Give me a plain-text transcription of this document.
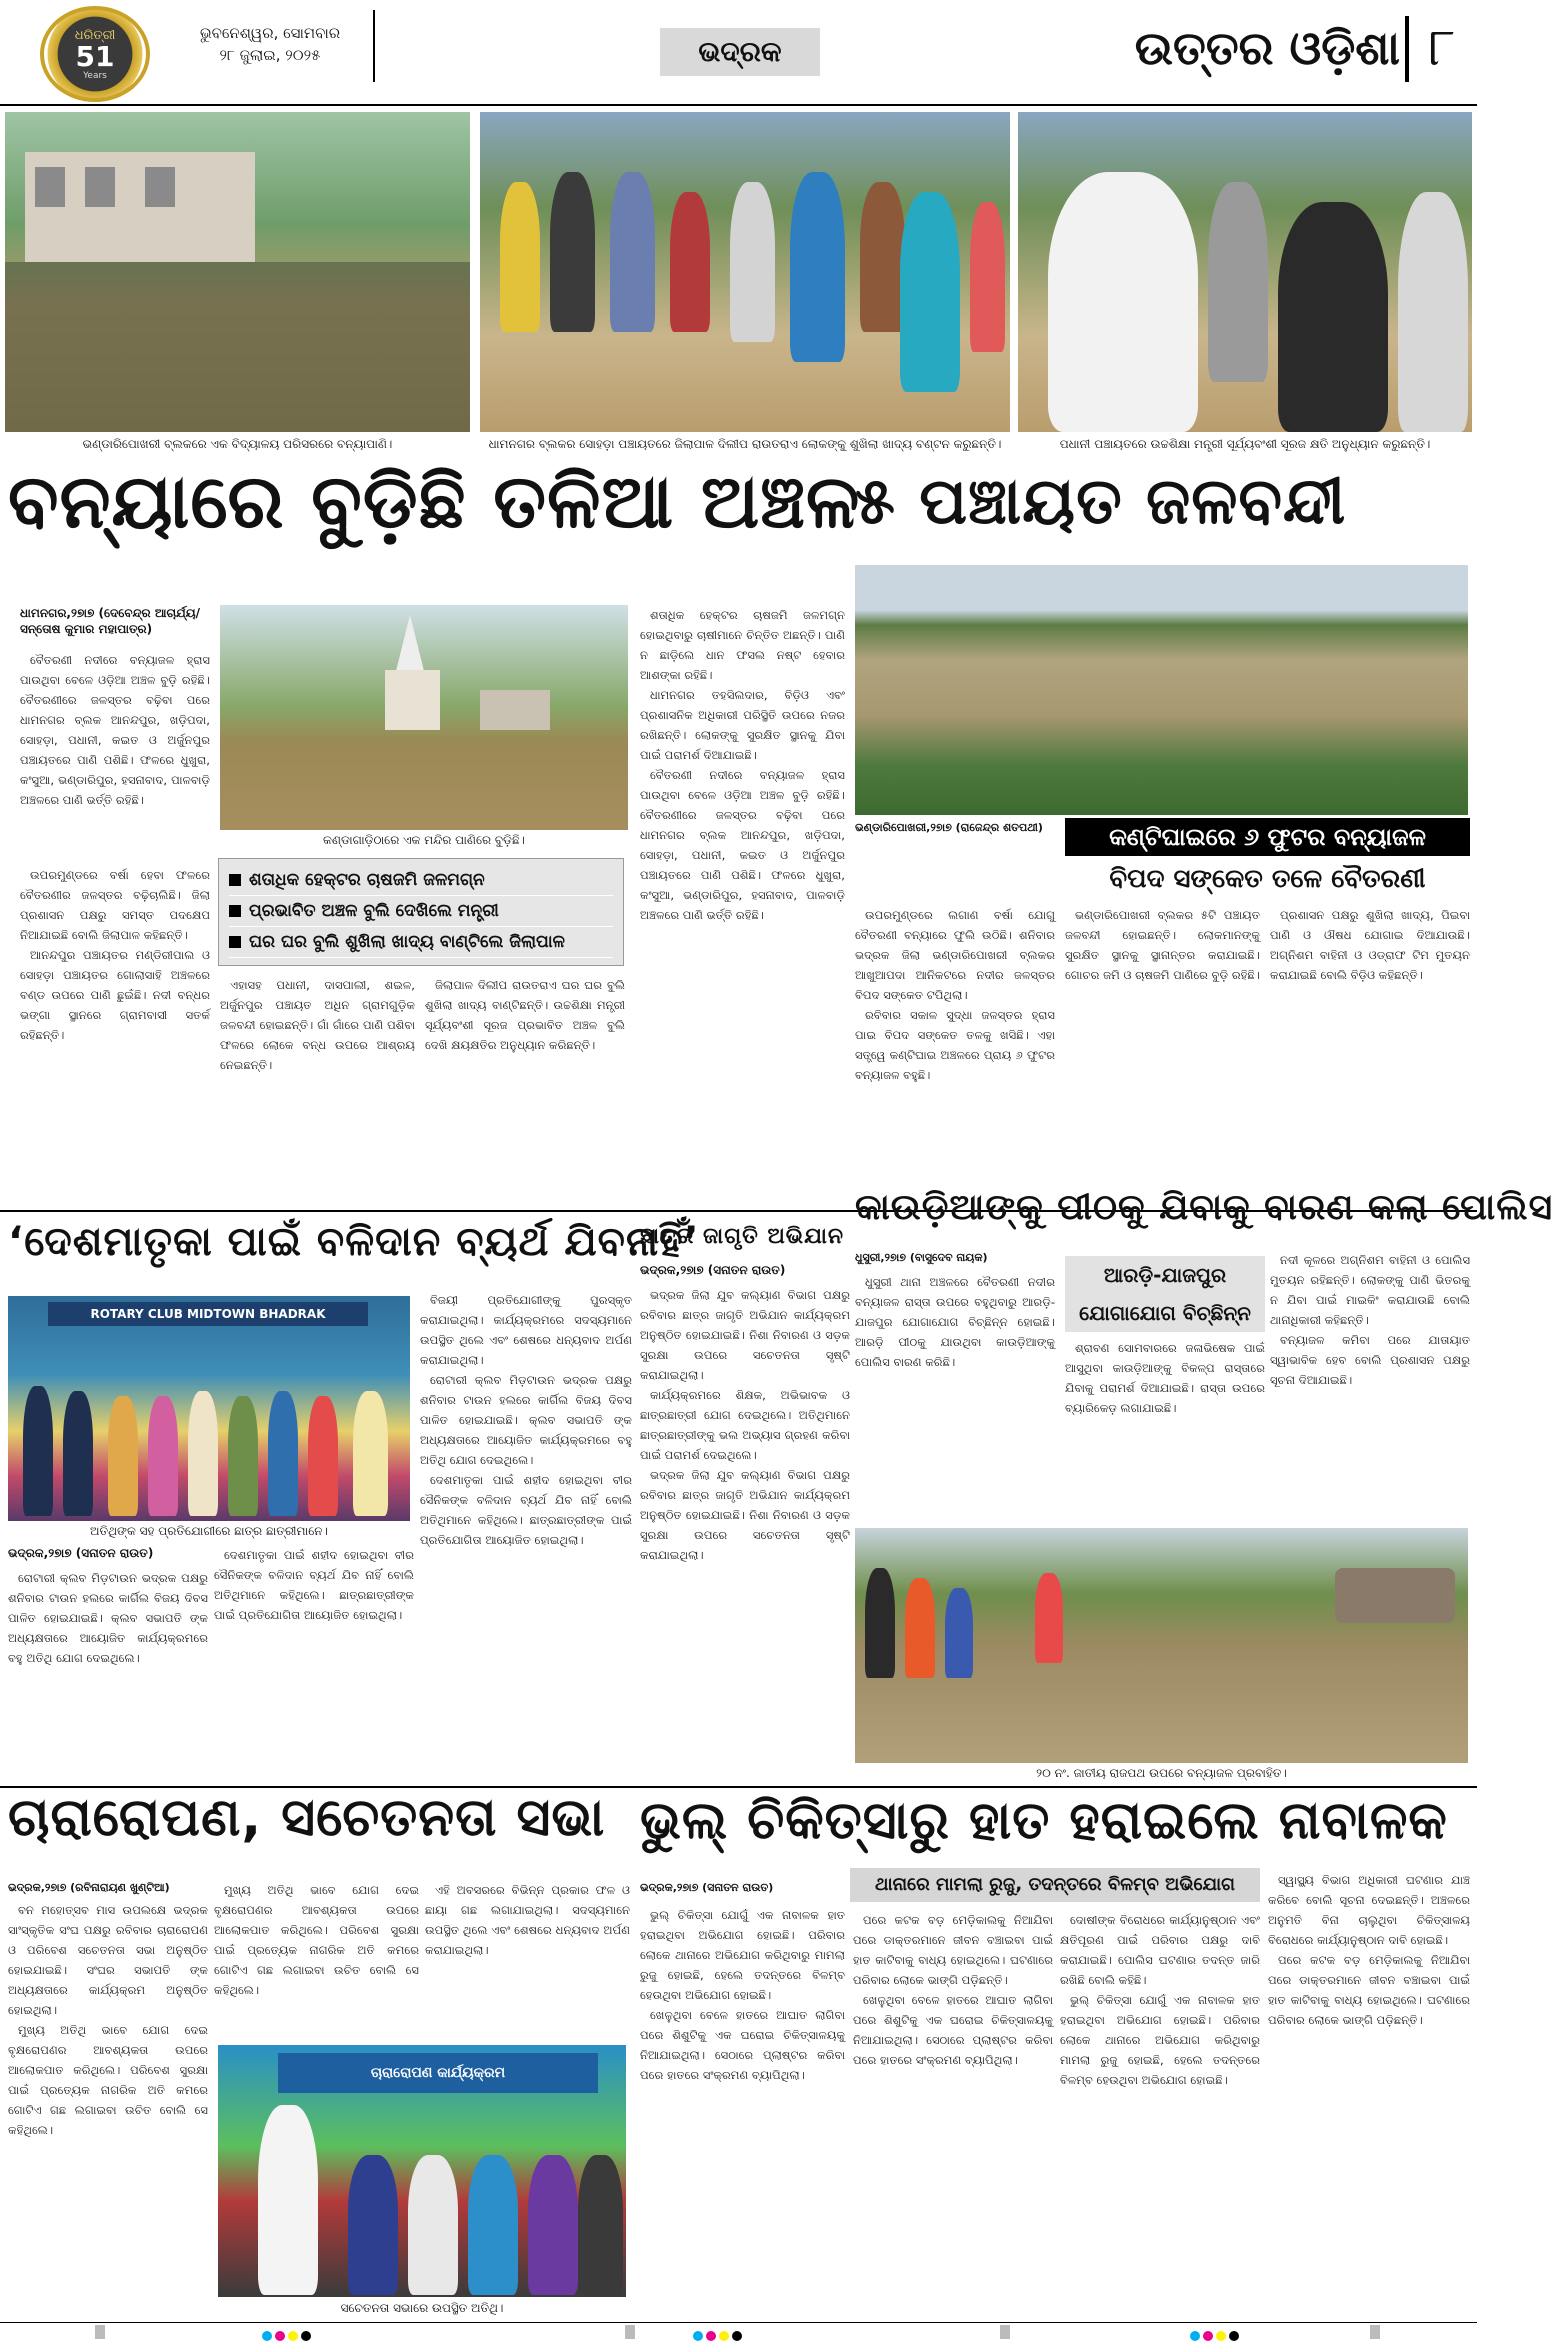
ଧରିତ୍ରୀ
51
Years
ଭୁବନେଶ୍ୱର, ସୋମବାର
୨୮ ଜୁଲାଇ, ୨୦୨୫	ଭଦ୍ରକ	ଉତ୍ତର ଓଡ଼ିଶା ୮
ଭଣ୍ଡାରିପୋଖରୀ ବ୍ଲକରେ ଏକ ବିଦ୍ୟାଳୟ ପରିସରରେ ବନ୍ୟାପାଣି।	ଧାମନଗର ବ୍ଲକର ସୋହଡ଼ା ପଞ୍ଚାୟତରେ ଜିଲାପାଳ ଦିଲୀପ ରାଉତରାଏ ଲୋକଙ୍କୁ ଶୁଖିଲା ଖାଦ୍ୟ ବଣ୍ଟନ କରୁଛନ୍ତି।	ପଧାନୀ ପଞ୍ଚାୟତରେ ଉଚ୍ଚଶିକ୍ଷା ମନ୍ତ୍ରୀ ସୂର୍ଯ୍ୟବଂଶୀ ସୂରଜ କ୍ଷତି ଅନୁଧ୍ୟାନ କରୁଛନ୍ତି।
ବନ୍ୟାରେ ବୁଡ଼ିଛି ତଳିଆ ଅଞ୍ଚଳ
ଧାମନଗର,୨୭ା୭ (ଦେବେନ୍ଦ୍ର ଆଚାର୍ଯ୍ୟ/ସନ୍ତୋଷ କୁମାର ମହାପାତ୍ର)
କଣ୍ଡାଗାଡ଼ିଠାରେ ଏକ ମନ୍ଦିର ପାଣିରେ ବୁଡ଼ିଛି।

ବୈତରଣୀ ନଦୀରେ ବନ୍ୟାଜଳ ହ୍ରାସ ପାଉଥିବା ବେଳେ ଓଡ଼ିଆ ଅଞ୍ଚଳ ବୁଡ଼ି ରହିଛି। ବୈତରଣୀରେ ଜଳସ୍ତର ବଢ଼ିବା ପରେ ଧାମନଗର ବ୍ଲକ ଆନନ୍ଦପୁର, ଖଡ଼ିପଦା, ସୋହଡ଼ା, ପଧାନୀ, କଇତ ଓ ଅର୍ଜୁନପୁର ପଞ୍ଚାୟତରେ ପାଣି ପଶିଛି। ଫଳରେ ଧୁଖୁରା, କଂସୁଆ, ଭଣ୍ଡାରିପୁର, ହସନାବାଦ, ପାଳବାଡ଼ି ଅଞ୍ଚଳରେ ପାଣି ଭର୍ତ୍ତି ରହିଛି।

ଶତାଧିକ ହେକ୍ଟର ଚାଷଜମି ଜଳମଗ୍ନ
ପ୍ରଭାବିତ ଅଞ୍ଚଳ ବୁଲି ଦେଖିଲେ ମନ୍ତ୍ରୀ
ଘର ଘର ବୁଲି ଶୁଖିଲା ଖାଦ୍ୟ ବାଣ୍ଟିଲେ ଜିଲାପାଳ

ଉପରମୁଣ୍ଡରେ ବର୍ଷା ହେବା ଫଳରେ ବୈତରଣୀର ଜଳସ୍ତର ବଢ଼ିଚାଲିଛି। ଜିଲା ପ୍ରଶାସନ ପକ୍ଷରୁ ସମସ୍ତ ପଦକ୍ଷେପ ନିଆଯାଇଛି ବୋଲି ଜିଲାପାଳ କହିଛନ୍ତି।

ଆନନ୍ଦପୁର ପଞ୍ଚାୟତର ମଣ୍ଡିରୀପାଲ ଓ ସୋହଡ଼ା ପଞ୍ଚାୟତର ଗୋଲାସାହି ଅଞ୍ଚଳରେ ବଣ୍ଡ ଉପରେ ପାଣି ଛୁଇଁଛି। ନଦୀ ବନ୍ଧର ଭଙ୍ଗା ସ୍ଥାନରେ ଗ୍ରାମବାସୀ ସତର୍କ ରହିଛନ୍ତି।

ଏହାସହ ପଧାନୀ, ଦାସପାଲୀ, ଶଇଳ, ଅର୍ଜୁନପୁର ପଞ୍ଚାୟତ ଅଧିନ ଗ୍ରାମଗୁଡ଼ିକ ଜଳବନ୍ଦୀ ହୋଇଛନ୍ତି। ଗାଁ ଗାଁରେ ପାଣି ପଶିବା ଫଳରେ ଲୋକେ ବନ୍ଧ ଉପରେ ଆଶ୍ରୟ ନେଇଛନ୍ତି।

ଜିଲାପାଳ ଦିଲୀପ ରାଉତରାଏ ଘର ଘର ବୁଲି ଶୁଖିଲା ଖାଦ୍ୟ ବାଣ୍ଟିଛନ୍ତି। ଉଚ୍ଚଶିକ୍ଷା ମନ୍ତ୍ରୀ ସୂର୍ଯ୍ୟବଂଶୀ ସୂରଜ ପ୍ରଭାବିତ ଅଞ୍ଚଳ ବୁଲି ଦେଖି କ୍ଷୟକ୍ଷତିର ଅନୁଧ୍ୟାନ କରିଛନ୍ତି।

ଶତାଧିକ ହେକ୍ଟର ଚାଷଜମି ଜଳମଗ୍ନ ହୋଇଥିବାରୁ ଚାଷୀମାନେ ଚିନ୍ତିତ ଅଛନ୍ତି। ପାଣି ନ ଛାଡ଼ିଲେ ଧାନ ଫସଲ ନଷ୍ଟ ହେବାର ଆଶଙ୍କା ରହିଛି।

ଧାମନଗର ତହସିଲଦାର, ବିଡ଼ିଓ ଏବଂ ପ୍ରଶାସନିକ ଅଧିକାରୀ ପରିସ୍ଥିତି ଉପରେ ନଜର ରଖିଛନ୍ତି। ଲୋକଙ୍କୁ ସୁରକ୍ଷିତ ସ୍ଥାନକୁ ଯିବା ପାଇଁ ପରାମର୍ଶ ଦିଆଯାଇଛି।

ବୈତରଣୀ ନଦୀରେ ବନ୍ୟାଜଳ ହ୍ରାସ ପାଉଥିବା ବେଳେ ଓଡ଼ିଆ ଅଞ୍ଚଳ ବୁଡ଼ି ରହିଛି। ବୈତରଣୀରେ ଜଳସ୍ତର ବଢ଼ିବା ପରେ ଧାମନଗର ବ୍ଲକ ଆନନ୍ଦପୁର, ଖଡ଼ିପଦା, ସୋହଡ଼ା, ପଧାନୀ, କଇତ ଓ ଅର୍ଜୁନପୁର ପଞ୍ଚାୟତରେ ପାଣି ପଶିଛି। ଫଳରେ ଧୁଖୁରା, କଂସୁଆ, ଭଣ୍ଡାରିପୁର, ହସନାବାଦ, ପାଳବାଡ଼ି ଅଞ୍ଚଳରେ ପାଣି ଭର୍ତ୍ତି ରହିଛି।

୫ ପଞ୍ଚାୟତ ଜଳବନ୍ଦୀ
ଭଣ୍ଡାରିପୋଖରୀ,୨୭ା୭ (ରାଜେନ୍ଦ୍ର ଶତପଥୀ)	କଣ୍ଟିଘାଇରେ ୬ ଫୁଟର ବନ୍ୟାଜଳ
ବିପଦ ସଙ୍କେତ ତଳେ ବୈତରଣୀ

ଉପରମୁଣ୍ଡରେ ଲଗାଣ ବର୍ଷା ଯୋଗୁ ବୈତରଣୀ ବନ୍ୟାରେ ଫୁଲି ଉଠିଛି। ଶନିବାର ଭଦ୍ରକ ଜିଲା ଭଣ୍ଡାରିପୋଖରୀ ବ୍ଲକର ଆଖୁଆପଦା ଆନିକଟରେ ନଦୀର ଜଳସ୍ତର ବିପଦ ସଙ୍କେତ ଟପିଥିଲା।

ରବିବାର ସକାଳ ସୁଦ୍ଧା ଜଳସ୍ତର ହ୍ରାସ ପାଇ ବିପଦ ସଙ୍କେତ ତଳକୁ ଖସିଛି। ଏହା ସତ୍ତ୍ୱେ କଣ୍ଟିଘାଇ ଅଞ୍ଚଳରେ ପ୍ରାୟ ୬ ଫୁଟର ବନ୍ୟାଜଳ ବହୁଛି।

ଭଣ୍ଡାରିପୋଖରୀ ବ୍ଲକର ୫ଟି ପଞ୍ଚାୟତ ଜଳବନ୍ଦୀ ହୋଇଛନ୍ତି। ଲୋକମାନଙ୍କୁ ସୁରକ୍ଷିତ ସ୍ଥାନକୁ ସ୍ଥାନାନ୍ତର କରାଯାଇଛି। ଗୋଚର ଜମି ଓ ଚାଷଜମି ପାଣିରେ ବୁଡ଼ି ରହିଛି।

ପ୍ରଶାସନ ପକ୍ଷରୁ ଶୁଖିଲା ଖାଦ୍ୟ, ପିଇବା ପାଣି ଓ ଔଷଧ ଯୋଗାଇ ଦିଆଯାଉଛି। ଅଗ୍ନିଶମ ବାହିନୀ ଓ ଓଡ୍ରାଫ ଟିମ ମୁତୟନ କରାଯାଇଛି ବୋଲି ବିଡ଼ିଓ କହିଛନ୍ତି।

‘ଦେଶମାତୃକା ପାଇଁ ବଳିଦାନ ବ୍ୟର୍ଥ ଯିବନାହିଁ’
ROTARY CLUB MIDTOWN BHADRAK
ଅତିଥିଙ୍କ ସହ ପ୍ରତିଯୋଗୀରେ ଛାତ୍ର ଛାତ୍ରୀମାନେ।
ଭଦ୍ରକ,୨୭ା୭ (ସନାତନ ରାଉତ)

ରୋଟାରୀ କ୍ଲବ ମିଡ଼ଟାଉନ ଭଦ୍ରକ ପକ୍ଷରୁ ଶନିବାର ଟାଉନ ହଲରେ କାର୍ଗିଲ ବିଜୟ ଦିବସ ପାଳିତ ହୋଇଯାଇଛି। କ୍ଲବ ସଭାପତି ଙ୍କ ଅଧ୍ୟକ୍ଷତାରେ ଆୟୋଜିତ କାର୍ଯ୍ୟକ୍ରମରେ ବହୁ ଅତିଥି ଯୋଗ ଦେଇଥିଲେ।

ଦେଶମାତୃକା ପାଇଁ ଶହୀଦ ହୋଇଥିବା ବୀର ସୈନିକଙ୍କ ବଳିଦାନ ବ୍ୟର୍ଥ ଯିବ ନାହିଁ ବୋଲି ଅତିଥିମାନେ କହିଥିଲେ। ଛାତ୍ରଛାତ୍ରୀଙ୍କ ପାଇଁ ପ୍ରତିଯୋଗିତା ଆୟୋଜିତ ହୋଇଥିଲା।

ବିଜୟୀ ପ୍ରତିଯୋଗୀଙ୍କୁ ପୁରସ୍କୃତ କରାଯାଇଥିଲା। କାର୍ଯ୍ୟକ୍ରମରେ ସଦସ୍ୟମାନେ ଉପସ୍ଥିତ ଥିଲେ ଏବଂ ଶେଷରେ ଧନ୍ୟବାଦ ଅର୍ପଣ କରାଯାଇଥିଲା।

ରୋଟାରୀ କ୍ଲବ ମିଡ଼ଟାଉନ ଭଦ୍ରକ ପକ୍ଷରୁ ଶନିବାର ଟାଉନ ହଲରେ କାର୍ଗିଲ ବିଜୟ ଦିବସ ପାଳିତ ହୋଇଯାଇଛି। କ୍ଲବ ସଭାପତି ଙ୍କ ଅଧ୍ୟକ୍ଷତାରେ ଆୟୋଜିତ କାର୍ଯ୍ୟକ୍ରମରେ ବହୁ ଅତିଥି ଯୋଗ ଦେଇଥିଲେ।

ଦେଶମାତୃକା ପାଇଁ ଶହୀଦ ହୋଇଥିବା ବୀର ସୈନିକଙ୍କ ବଳିଦାନ ବ୍ୟର୍ଥ ଯିବ ନାହିଁ ବୋଲି ଅତିଥିମାନେ କହିଥିଲେ। ଛାତ୍ରଛାତ୍ରୀଙ୍କ ପାଇଁ ପ୍ରତିଯୋଗିତା ଆୟୋଜିତ ହୋଇଥିଲା।

ଛାତ୍ର ଜାଗୃତି ଅଭିଯାନ
ଭଦ୍ରକ,୨୭ା୭ (ସନାତନ ରାଉତ)

ଭଦ୍ରକ ଜିଲା ଯୁବ କଲ୍ୟାଣ ବିଭାଗ ପକ୍ଷରୁ ରବିବାର ଛାତ୍ର ଜାଗୃତି ଅଭିଯାନ କାର୍ଯ୍ୟକ୍ରମ ଅନୁଷ୍ଠିତ ହୋଇଯାଇଛି। ନିଶା ନିବାରଣ ଓ ସଡ଼କ ସୁରକ୍ଷା ଉପରେ ସଚେତନତା ସୃଷ୍ଟି କରାଯାଇଥିଲା।

କାର୍ଯ୍ୟକ୍ରମରେ ଶିକ୍ଷକ, ଅଭିଭାବକ ଓ ଛାତ୍ରଛାତ୍ରୀ ଯୋଗ ଦେଇଥିଲେ। ଅତିଥିମାନେ ଛାତ୍ରଛାତ୍ରୀଙ୍କୁ ଭଲ ଅଭ୍ୟାସ ଗ୍ରହଣ କରିବା ପାଇଁ ପରାମର୍ଶ ଦେଇଥିଲେ।

ଭଦ୍ରକ ଜିଲା ଯୁବ କଲ୍ୟାଣ ବିଭାଗ ପକ୍ଷରୁ ରବିବାର ଛାତ୍ର ଜାଗୃତି ଅଭିଯାନ କାର୍ଯ୍ୟକ୍ରମ ଅନୁଷ୍ଠିତ ହୋଇଯାଇଛି। ନିଶା ନିବାରଣ ଓ ସଡ଼କ ସୁରକ୍ଷା ଉପରେ ସଚେତନତା ସୃଷ୍ଟି କରାଯାଇଥିଲା।

କାଉଡ଼ିଆଙ୍କୁ ପୀଠକୁ ଯିବାକୁ ବାରଣ କଲା ପୋଲିସ
ଧୁସୁରୀ,୨୭ା୭ (ବାସୁଦେବ ନାୟକ)
ଆରଡ଼ି-ଯାଜପୁର ଯୋଗାଯୋଗ ବିଚ୍ଛିନ୍ନ

ଧୁସୁରୀ ଥାନା ଅଞ୍ଚଳରେ ବୈତରଣୀ ନଦୀର ବନ୍ୟାଜଳ ରାସ୍ତା ଉପରେ ବହୁଥିବାରୁ ଆରଡ଼ି-ଯାଜପୁର ଯୋଗାଯୋଗ ବିଚ୍ଛିନ୍ନ ହୋଇଛି। ଆରଡ଼ି ପୀଠକୁ ଯାଉଥିବା କାଉଡ଼ିଆଙ୍କୁ ପୋଲିସ ବାରଣ କରିଛି।

ଶ୍ରାବଣ ସୋମବାରରେ ଜଳାଭିଷେକ ପାଇଁ ଆସୁଥିବା କାଉଡ଼ିଆଙ୍କୁ ବିକଳ୍ପ ରାସ୍ତାରେ ଯିବାକୁ ପରାମର୍ଶ ଦିଆଯାଇଛି। ରାସ୍ତା ଉପରେ ବ୍ୟାରିକେଡ଼ ଲଗାଯାଇଛି।

ନଦୀ କୂଳରେ ଅଗ୍ନିଶମ ବାହିନୀ ଓ ପୋଲିସ ମୁତୟନ ରହିଛନ୍ତି। ଲୋକଙ୍କୁ ପାଣି ଭିତରକୁ ନ ଯିବା ପାଇଁ ମାଇକିଂ କରାଯାଉଛି ବୋଲି ଥାନାଧିକାରୀ କହିଛନ୍ତି।

ବନ୍ୟାଜଳ କମିବା ପରେ ଯାତାୟାତ ସ୍ୱାଭାବିକ ହେବ ବୋଲି ପ୍ରଶାସନ ପକ୍ଷରୁ ସୂଚନା ଦିଆଯାଇଛି।

୨୦ ନଂ. ଜାତୀୟ ରାଜପଥ ଉପରେ ବନ୍ୟାଜଳ ପ୍ରବାହିତ।
ଚାରାରୋପଣ, ସଚେତନତା ସଭା
ଭଦ୍ରକ,୨୭ା୭ (ରବିନାରାୟଣ ଖୁଣ୍ଟିଆ)

ବନ ମହୋତ୍ସବ ମାସ ଉପଲକ୍ଷେ ଭଦ୍ରକ ସାଂସ୍କୃତିକ ସଂଘ ପକ୍ଷରୁ ରବିବାର ଚାରାରୋପଣ ଓ ପରିବେଶ ସଚେତନତା ସଭା ଅନୁଷ୍ଠିତ ହୋଇଯାଇଛି। ସଂଘର ସଭାପତି ଙ୍କ ଅଧ୍ୟକ୍ଷତାରେ କାର୍ଯ୍ୟକ୍ରମ ଅନୁଷ୍ଠିତ ହୋଇଥିଲା।

ମୁଖ୍ୟ ଅତିଥି ଭାବେ ଯୋଗ ଦେଇ ବୃକ୍ଷରୋପଣର ଆବଶ୍ୟକତା ଉପରେ ଆଲୋକପାତ କରିଥିଲେ। ପରିବେଶ ସୁରକ୍ଷା ପାଇଁ ପ୍ରତ୍ୟେକ ନାଗରିକ ଅତି କମରେ ଗୋଟିଏ ଗଛ ଲଗାଇବା ଉଚିତ ବୋଲି ସେ କହିଥିଲେ।

ମୁଖ୍ୟ ଅତିଥି ଭାବେ ଯୋଗ ଦେଇ ବୃକ୍ଷରୋପଣର ଆବଶ୍ୟକତା ଉପରେ ଆଲୋକପାତ କରିଥିଲେ। ପରିବେଶ ସୁରକ୍ଷା ପାଇଁ ପ୍ରତ୍ୟେକ ନାଗରିକ ଅତି କମରେ ଗୋଟିଏ ଗଛ ଲଗାଇବା ଉଚିତ ବୋଲି ସେ କହିଥିଲେ।

ଏହି ଅବସରରେ ବିଭିନ୍ନ ପ୍ରକାର ଫଳ ଓ ଛାୟା ଗଛ ଲଗାଯାଇଥିଲା। ସଦସ୍ୟମାନେ ଉପସ୍ଥିତ ଥିଲେ ଏବଂ ଶେଷରେ ଧନ୍ୟବାଦ ଅର୍ପଣ କରାଯାଇଥିଲା।

ଚାରାରୋପଣ କାର୍ଯ୍ୟକ୍ରମ
ସଚେତନତା ସଭାରେ ଉପସ୍ଥିତ ଅତିଥି।
ଭୁଲ୍ ଚିକିତ୍ସାରୁ ହାତ ହରାଇଲେ ନାବାଳକ
ଭଦ୍ରକ,୨୭ା୭ (ସନାତନ ରାଉତ)	ଥାନାରେ ମାମଲା ରୁଜୁ, ତଦନ୍ତରେ ବିଳମ୍ବ ଅଭିଯୋଗ

ଭୁଲ୍ ଚିକିତ୍ସା ଯୋଗୁଁ ଏକ ନାବାଳକ ହାତ ହରାଇଥିବା ଅଭିଯୋଗ ହୋଇଛି। ପରିବାର ଲୋକେ ଥାନାରେ ଅଭିଯୋଗ କରିଥିବାରୁ ମାମଲା ରୁଜୁ ହୋଇଛି, ହେଲେ ତଦନ୍ତରେ ବିଳମ୍ବ ହେଉଥିବା ଅଭିଯୋଗ ହୋଇଛି।

ଖେଳୁଥିବା ବେଳେ ହାତରେ ଆଘାତ ଲାଗିବା ପରେ ଶିଶୁଟିକୁ ଏକ ଘରୋଇ ଚିକିତ୍ସାଳୟକୁ ନିଆଯାଇଥିଲା। ସେଠାରେ ପ୍ଲାଷ୍ଟର କରିବା ପରେ ହାତରେ ସଂକ୍ରମଣ ବ୍ୟାପିଥିଲା।

ପରେ କଟକ ବଡ଼ ମେଡ଼ିକାଲକୁ ନିଆଯିବା ପରେ ଡାକ୍ତରମାନେ ଜୀବନ ବଞ୍ଚାଇବା ପାଇଁ ହାତ କାଟିବାକୁ ବାଧ୍ୟ ହୋଇଥିଲେ। ଘଟଣାରେ ପରିବାର ଲୋକେ ଭାଙ୍ଗି ପଡ଼ିଛନ୍ତି।

ଖେଳୁଥିବା ବେଳେ ହାତରେ ଆଘାତ ଲାଗିବା ପରେ ଶିଶୁଟିକୁ ଏକ ଘରୋଇ ଚିକିତ୍ସାଳୟକୁ ନିଆଯାଇଥିଲା। ସେଠାରେ ପ୍ଲାଷ୍ଟର କରିବା ପରେ ହାତରେ ସଂକ୍ରମଣ ବ୍ୟାପିଥିଲା।

ଦୋଷୀଙ୍କ ବିରୋଧରେ କାର୍ଯ୍ୟାନୁଷ୍ଠାନ ଏବଂ କ୍ଷତିପୂରଣ ପାଇଁ ପରିବାର ପକ୍ଷରୁ ଦାବି କରାଯାଇଛି। ପୋଲିସ ଘଟଣାର ତଦନ୍ତ ଜାରି ରଖିଛି ବୋଲି କହିଛି।

ଭୁଲ୍ ଚିକିତ୍ସା ଯୋଗୁଁ ଏକ ନାବାଳକ ହାତ ହରାଇଥିବା ଅଭିଯୋଗ ହୋଇଛି। ପରିବାର ଲୋକେ ଥାନାରେ ଅଭିଯୋଗ କରିଥିବାରୁ ମାମଲା ରୁଜୁ ହୋଇଛି, ହେଲେ ତଦନ୍ତରେ ବିଳମ୍ବ ହେଉଥିବା ଅଭିଯୋଗ ହୋଇଛି।

ସ୍ୱାସ୍ଥ୍ୟ ବିଭାଗ ଅଧିକାରୀ ଘଟଣାର ଯାଞ୍ଚ କରିବେ ବୋଲି ସୂଚନା ଦେଇଛନ୍ତି। ଅଞ୍ଚଳରେ ଅନୁମତି ବିନା ଚାଲୁଥିବା ଚିକିତ୍ସାଳୟ ବିରୋଧରେ କାର୍ଯ୍ୟାନୁଷ୍ଠାନ ଦାବି ହୋଇଛି।

ପରେ କଟକ ବଡ଼ ମେଡ଼ିକାଲକୁ ନିଆଯିବା ପରେ ଡାକ୍ତରମାନେ ଜୀବନ ବଞ୍ଚାଇବା ପାଇଁ ହାତ କାଟିବାକୁ ବାଧ୍ୟ ହୋଇଥିଲେ। ଘଟଣାରେ ପରିବାର ଲୋକେ ଭାଙ୍ଗି ପଡ଼ିଛନ୍ତି।
